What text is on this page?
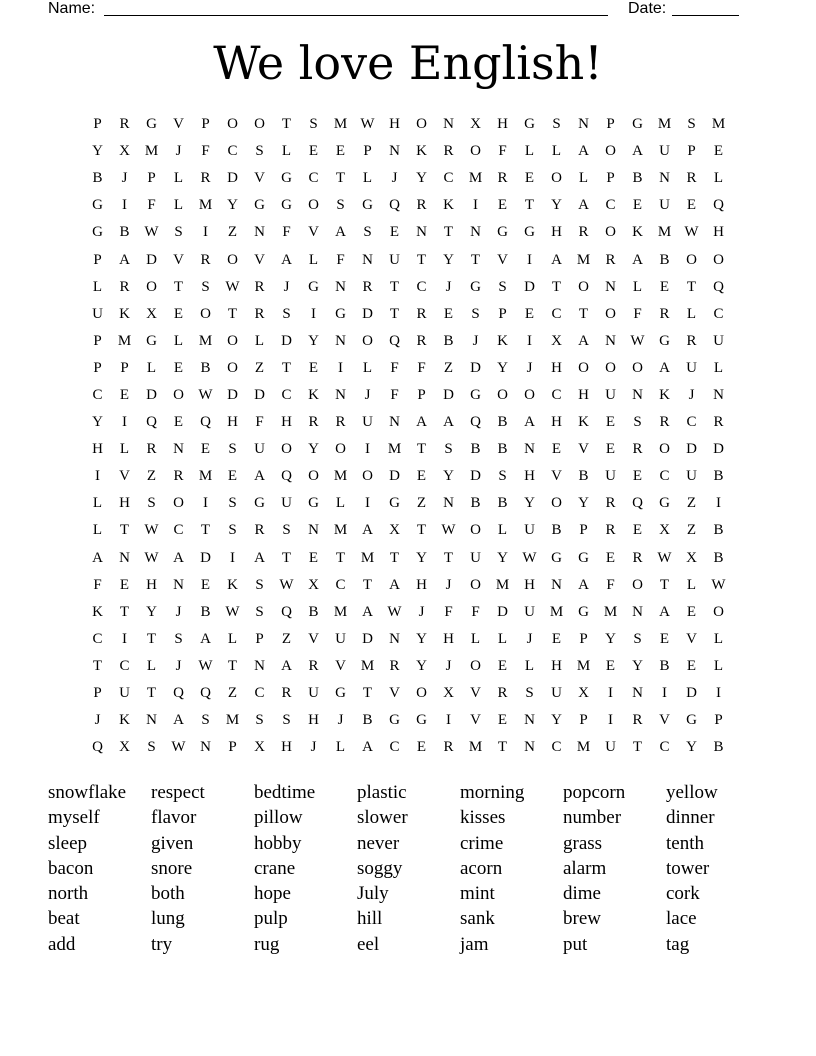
Name:	Date:
We love English!
P	R	G	V	P	O	O	T	S	M W H	O	N	X	H	G	S	N	P	G M	S	M
Y	X M	J	F	C	S	L	E	E	P	N	K	R	O	F	L	L	A	O	A	U	P	E
B	J	P	L	R	D	V	G	C	T	L	J	Y	C	M	R	E	O	L	P	B	N	R	L
G	I	F	L	M Y	G	G	O	S	G	Q	R	K	I	E	T	Y	A	C	E	U	E	Q
G	B W	S	I	Z	N	F	V	A	S	E	N	T	N	G	G	H	R	O	K M W H
P	A	D	V	R	O	V	A	L	F	N	U	T	Y	T	V	I	A M	R	A	B	O	O
L	R	O	T	S	W R	J	G	N	R	T	C	J	G	S	D	T	O	N	L	E	T	Q
U	K	X	E	O	T	R	S	I	G	D	T	R	E	S	P	E	C	T	O	F	R	L	C
P	M G	L	M O	L	D	Y	N	O	Q	R	B	J	K	I	X	A	N W G	R	U
P	P	L	E	B	O	Z	T	E	I	L	F	F	Z	D	Y	J	H	O	O	O	A	U	L
C	E	D	O W D	D	C	K	N	J	F	P	D	G	O	O	C	H	U	N	K	J	N
Y	I	Q	E	Q	H	F	H	R	R	U	N	A	A	Q	B	A	H	K	E	S	R	C	R
H	L	R	N	E	S	U	O	Y	O	I	M	T	S	B	B	N	E	V	E	R	O	D	D
I	V	Z	R	M	E	A	Q	O M O	D	E	Y	D	S	H	V	B	U	E	C	U	B
L	H	S	O	I	S	G	U	G	L	I	G	Z	N	B	B	Y	O	Y	R	Q	G	Z	I
L	T	W C	T	S	R	S	N M A	X	T	W O	L	U	B	P	R	E	X	Z	B
A	N W A	D	I	A	T	E	T	M	T	Y	T	U	Y W G	G	E	R W X	B
F	E	H	N	E	K	S	W X	C	T	A	H	J	O M H	N	A	F	O	T	L	W
K	T	Y	J	B W	S	Q	B	M A W	J	F	F	D	U M G M N	A	E	O
C	I	T	S	A	L	P	Z	V	U	D	N	Y	H	L	L	J	E	P	Y	S	E	V	L
T	C	L	J	W	T	N	A	R	V M	R	Y	J	O	E	L	H M	E	Y	B	E	L
P	U	T	Q	Q	Z	C	R	U	G	T	V	O	X	V	R	S	U	X	I	N	I	D	I
J	K	N	A	S	M	S	S	H	J	B	G	G	I	V	E	N	Y	P	I	R	V	G	P
Q	X	S	W N	P	X	H	J	L	A	C	E	R	M	T	N	C	M U	T	C	Y	B
snowflake	respect	bedtime	plastic	morning	popcorn	yellow
myself	flavor	pillow	slower	kisses	number	dinner
sleep	given	hobby	never	crime	grass	tenth
bacon	snore	crane	soggy	acorn	alarm	tower
north	both	hope	July	mint	dime	cork
beat	lung	pulp	hill	sank	brew	lace
add	try	rug	eel	jam	put	tag
